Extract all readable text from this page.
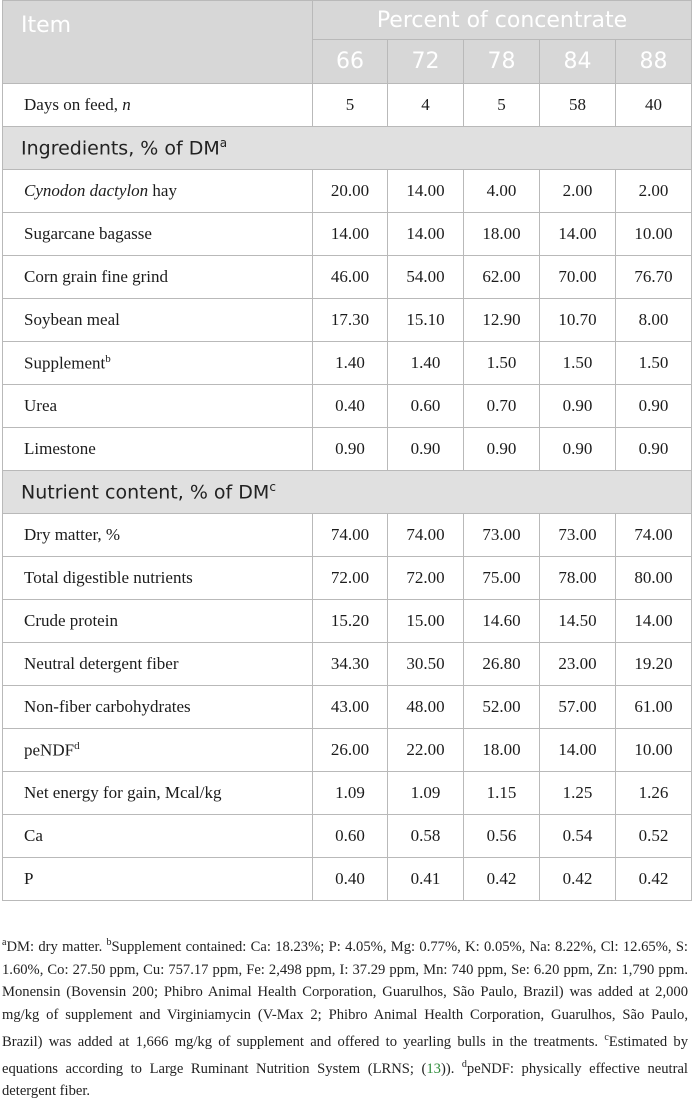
Item	Percent of concentrate				
	66	72	78	84	88
Days on feed, n	5	4	5	58	40
Ingredients, % of $DM^a$
Cynodon dactylon hay	20.00	14.00	4.00	2.00	2.00
Sugarcane bagasse	14.00	14.00	18.00	14.00	10.00
Corn grain fine grind	46.00	54.00	62.00	70.00	76.70
Soybean meal	17.30	15.10	12.90	10.70	8.00
Supplement$^b$	1.40	1.40	1.50	1.50	1.50
Urea	0.40	0.60	0.70	0.90	0.90
Limestone	0.90	0.90	0.90	0.90	0.90
Nutrient content, % of $DM^c$
Dry matter, %	74.00	74.00	73.00	73.00	74.00
Total digestible nutrients	72.00	72.00	75.00	78.00	80.00
Crude protein	15.20	15.00	14.60	14.50	14.00
Neutral detergent fiber	34.30	30.50	26.80	23.00	19.20
Non-fiber carbohydrates	43.00	48.00	52.00	57.00	61.00
peNDF$^d$	26.00	22.00	18.00	14.00	10.00
Net energy for gain, Mcal/kg	1.09	1.09	1.15	1.25	1.26
Ca	0.60	0.58	0.56	0.54	0.52
P	0.40	0.41	0.42	0.42	0.42
$^a$DM: dry matter. $^b$Supplement contained: Ca: 18.23%; P: 4.05%, Mg: 0.77%, K: 0.05%, Na: 8.22%, Cl: 12.65%, S: 1.60%, Co: 27.50 ppm, Cu: 757.17 ppm, Fe: 2,498 ppm, I: 37.29 ppm, Mn: 740 ppm, Se: 6.20 ppm, Zn: 1,790 ppm. Monensin (Bovensin 200; Phibro Animal Health Corporation, Guarulhos, São Paulo, Brazil) was added at 2,000 mg/kg of supplement and Virginiamycin (V-Max 2; Phibro Animal Health Corporation, Guarulhos, São Paulo, Brazil) was added at 1,666 mg/kg of supplement and offered to yearling bulls in the treatments. $^c$Estimated by equations according to Large Ruminant Nutrition System (LRNS; (13)). $^d$peNDF: physically effective neutral detergent fiber.
